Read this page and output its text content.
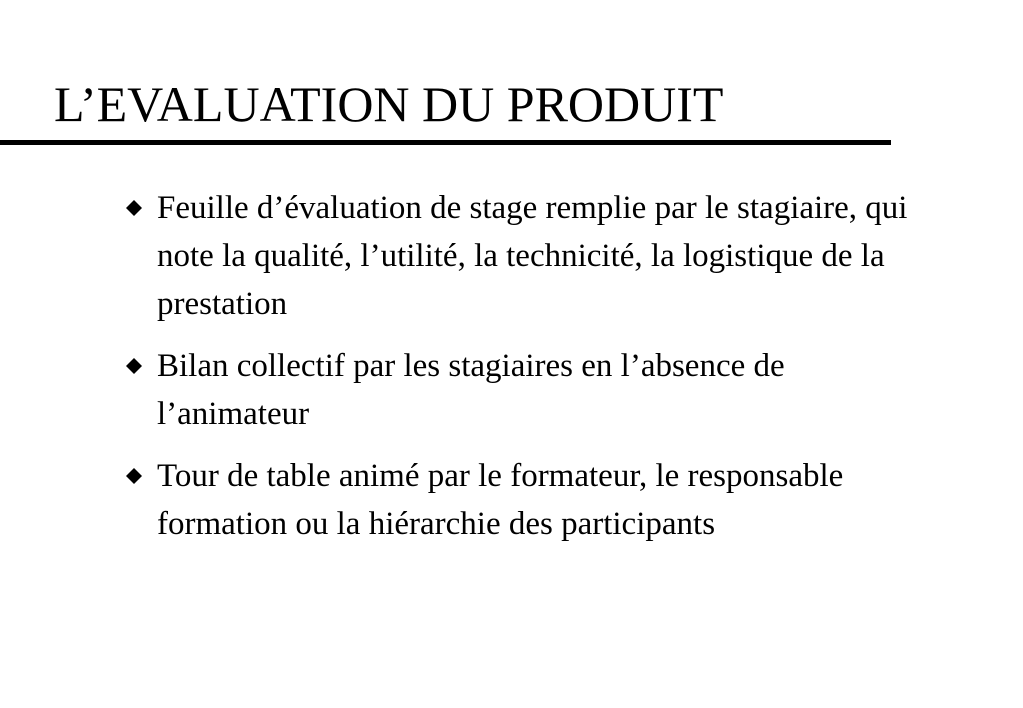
L’EVALUATION DU PRODUIT
Feuille d’évaluation de stage remplie par le stagiaire, qui note la qualité, l’utilité, la technicité, la logistique de la prestation
Bilan collectif par les stagiaires en l’absence de l’animateur
Tour de table animé par le formateur, le responsable formation ou la hiérarchie des participants
